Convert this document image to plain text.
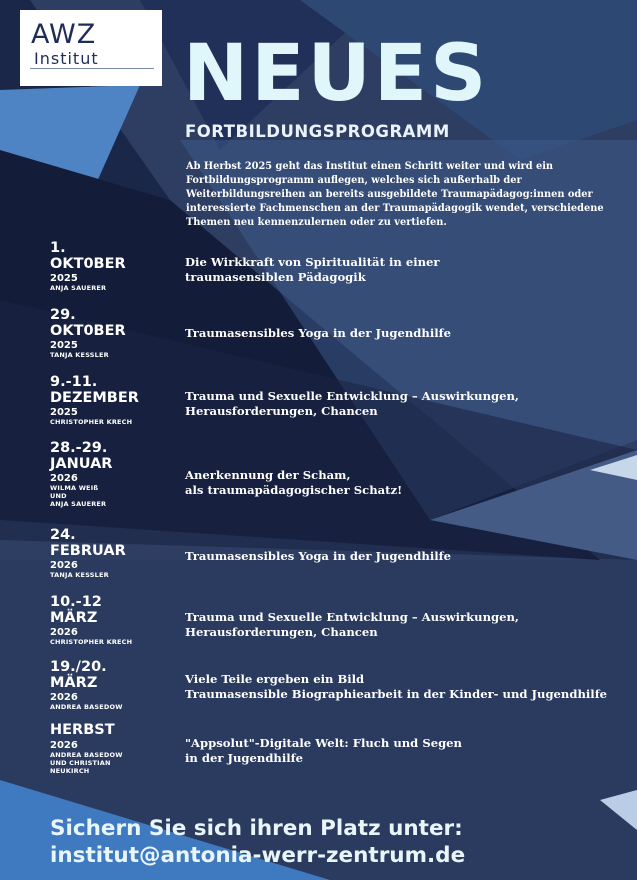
AWZ
Institut NEUES
FORTBILDUNGSPROGRAMM
Ab Herbst 2025 geht das Institut einen Schritt weiter und wird ein Fortbildungsprogramm auflegen, welches sich außerhalb der Weiterbildungsreihen an bereits ausgebildete Traumapädagog:innen oder interessierte Fachmenschen an der Traumapädagogik wendet, verschiedene Themen neu kennenzulernen oder zu vertiefen.
1.
OKT0BER
2025
ANJA SAUERER
Die Wirkkraft von Spiritualität in einer
traumasensiblen Pädagogik
29.
OKT0BER
2025
TANJA KESSLER
Traumasensibles Yoga in der Jugendhilfe
9.-11.
DEZEMBER
2025
CHRISTOPHER KRECH
Trauma und Sexuelle Entwicklung – Auswirkungen,
Herausforderungen, Chancen
28.-29.
JANUAR
2026
WILMA WEIß
UND
ANJA SAUERER
Anerkennung der Scham,
als traumapädagogischer Schatz!
24.
FEBRUAR
2026
TANJA KESSLER
Traumasensibles Yoga in der Jugendhilfe
10.-12
MÄRZ
2026
CHRISTOPHER KRECH
Trauma und Sexuelle Entwicklung – Auswirkungen,
Herausforderungen, Chancen
19./20.
MÄRZ
2026
ANDREA BASEDOW
Viele Teile ergeben ein Bild
Traumasensible Biographiearbeit in der Kinder- und Jugendhilfe
HERBST
2026
ANDREA BASEDOW
UND CHRISTIAN
NEUKIRCH
"Appsolut"-Digitale Welt: Fluch und Segen
in der Jugendhilfe
Sichern Sie sich ihren Platz unter:
institut@antonia-werr-zentrum.de
